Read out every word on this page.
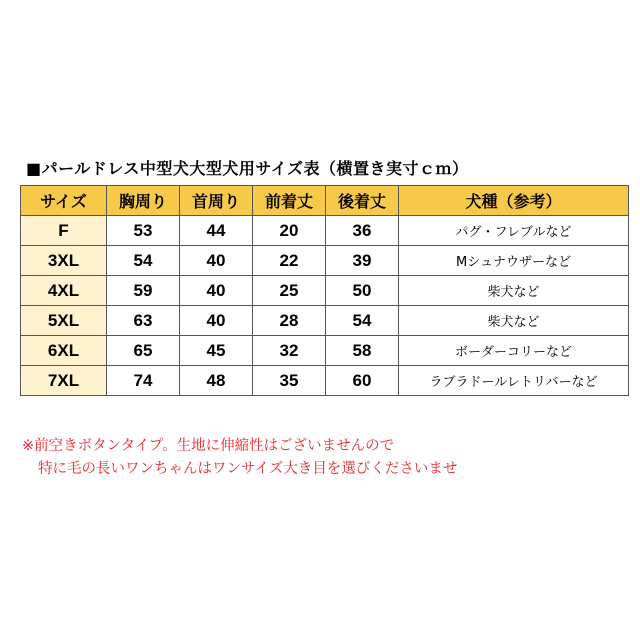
■パールドレス中型犬大型犬用サイズ表（横置き実寸ｃｍ）
サイズ	胸周り	首周り	前着丈	後着丈	犬種（参考）
F	53	44	20	36	パグ・フレブルなど
3XL	54	40	22	39	Mシュナウザーなど
4XL	59	40	25	50	柴犬など
5XL	63	40	28	54	柴犬など
6XL	65	45	32	58	ボーダーコリーなど
7XL	74	48	35	60	ラブラドールレトリバーなど
※前空きボタンタイプ。生地に伸縮性はございませんので
特に毛の長いワンちゃんはワンサイズ大き目を選びくださいませ
